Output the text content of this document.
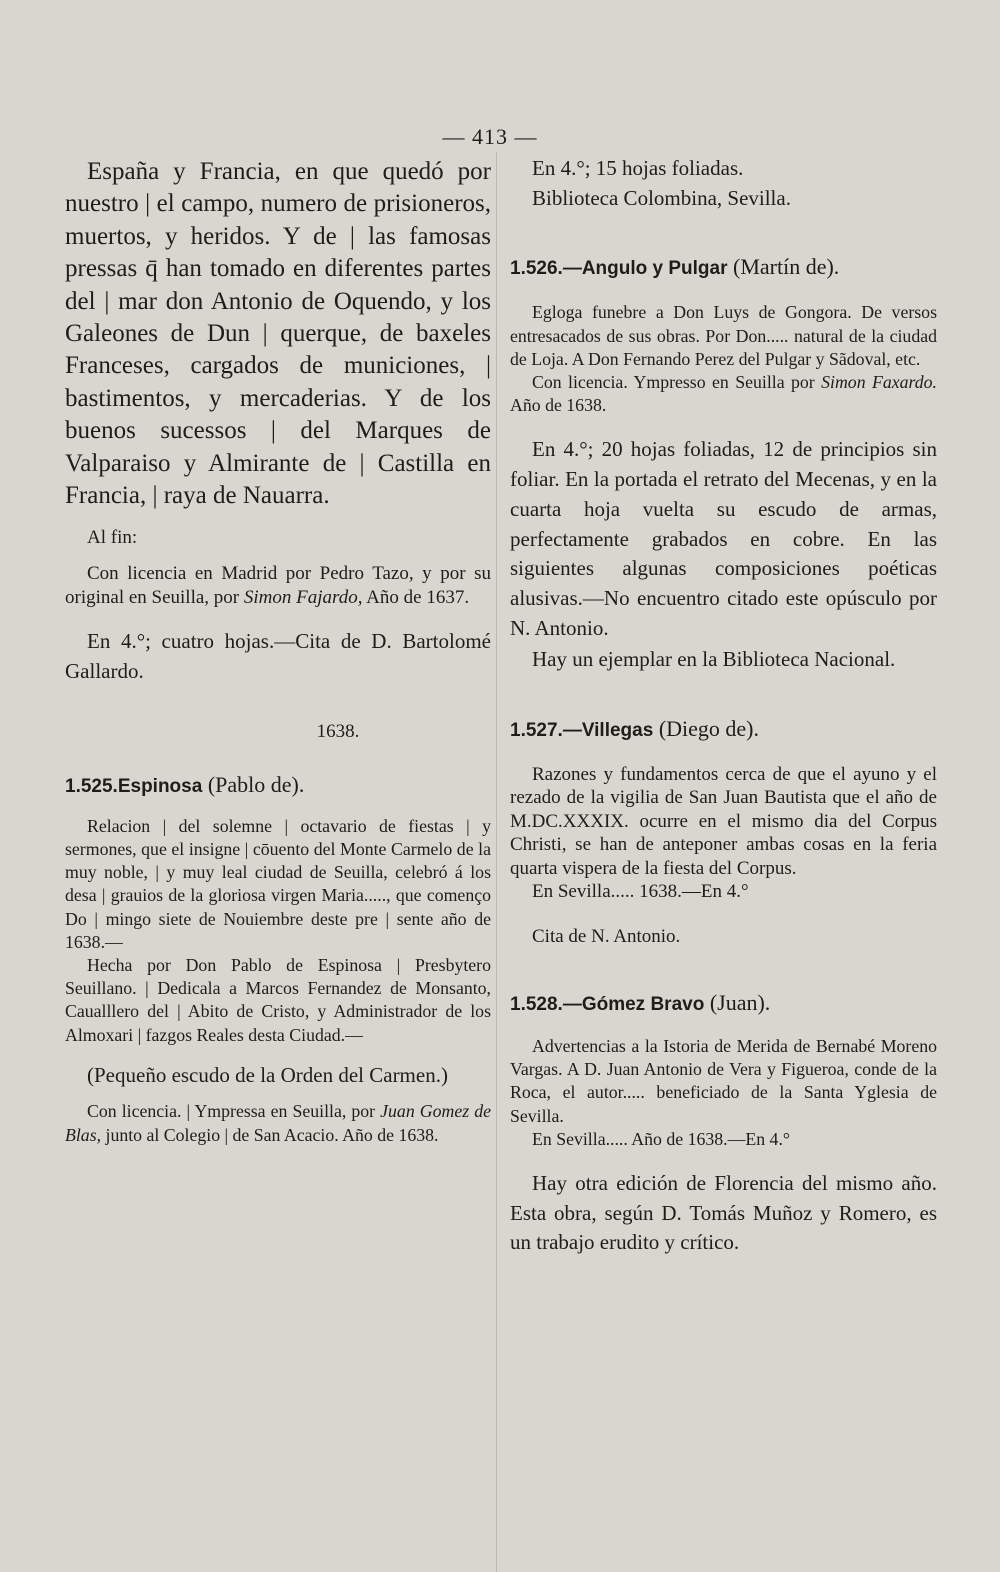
— 413 —

España y Francia, en que quedó por nuestro | el campo, numero de prisioneros, muertos, y heridos. Y de | las famosas pressas q̄ han tomado en diferentes partes del | mar don Antonio de Oquendo, y los Galeones de Dun | querque, de baxeles Franceses, cargados de municiones, | bastimentos, y mercaderias. Y de los buenos sucessos | del Marques de Valparaiso y Almirante de | Castilla en Francia, | raya de Nauarra.

Al fin:

Con licencia en Madrid por Pedro Tazo, y por su original en Seuilla, por Simon Fajardo, Año de 1637.

En 4.°; cuatro hojas.—Cita de D. Bartolomé Gallardo.

1638.

1.525.Espinosa (Pablo de).

Relacion | del solemne | octavario de fiestas | y sermones, que el insigne | cōuento del Monte Carmelo de la muy noble, | y muy leal ciudad de Seuilla, celebró á los desa | grauios de la gloriosa virgen Maria....., que començo Do | mingo siete de Nouiembre deste pre | sente año de 1638.—

Hecha por Don Pablo de Espinosa | Presbytero Seuillano. | Dedicala a Marcos Fernandez de Monsanto, Caualllero del | Abito de Cristo, y Administrador de los Almoxari | fazgos Reales desta Ciudad.—

(Pequeño escudo de la Orden del Carmen.)

Con licencia. | Ympressa en Seuilla, por Juan Gomez de Blas, junto al Colegio | de San Acacio. Año de 1638.

En 4.°; 15 hojas foliadas.

Biblioteca Colombina, Sevilla.

1.526.—Angulo y Pulgar (Martín de).

Egloga funebre a Don Luys de Gongora. De versos entresacados de sus obras. Por Don..... natural de la ciudad de Loja. A Don Fernando Perez del Pulgar y Sãdoval, etc.

Con licencia. Ympresso en Seuilla por Simon Faxardo. Año de 1638.

En 4.°; 20 hojas foliadas, 12 de principios sin foliar. En la portada el retrato del Mecenas, y en la cuarta hoja vuelta su escudo de armas, perfectamente grabados en cobre. En las siguientes algunas composiciones poéticas alusivas.—No encuentro citado este opúsculo por N. Antonio.

Hay un ejemplar en la Biblioteca Nacional.

1.527.—Villegas (Diego de).

Razones y fundamentos cerca de que el ayuno y el rezado de la vigilia de San Juan Bautista que el año de M.DC.XXXIX. ocurre en el mismo dia del Corpus Christi, se han de anteponer ambas cosas en la feria quarta vispera de la fiesta del Corpus.

En Sevilla..... 1638.—En 4.°

Cita de N. Antonio.

1.528.—Gómez Bravo (Juan).

Advertencias a la Istoria de Merida de Bernabé Moreno Vargas. A D. Juan Antonio de Vera y Figueroa, conde de la Roca, el autor..... beneficiado de la Santa Yglesia de Sevilla.

En Sevilla..... Año de 1638.—En 4.°

Hay otra edición de Florencia del mismo año. Esta obra, según D. Tomás Muñoz y Romero, es un trabajo erudito y crítico.
